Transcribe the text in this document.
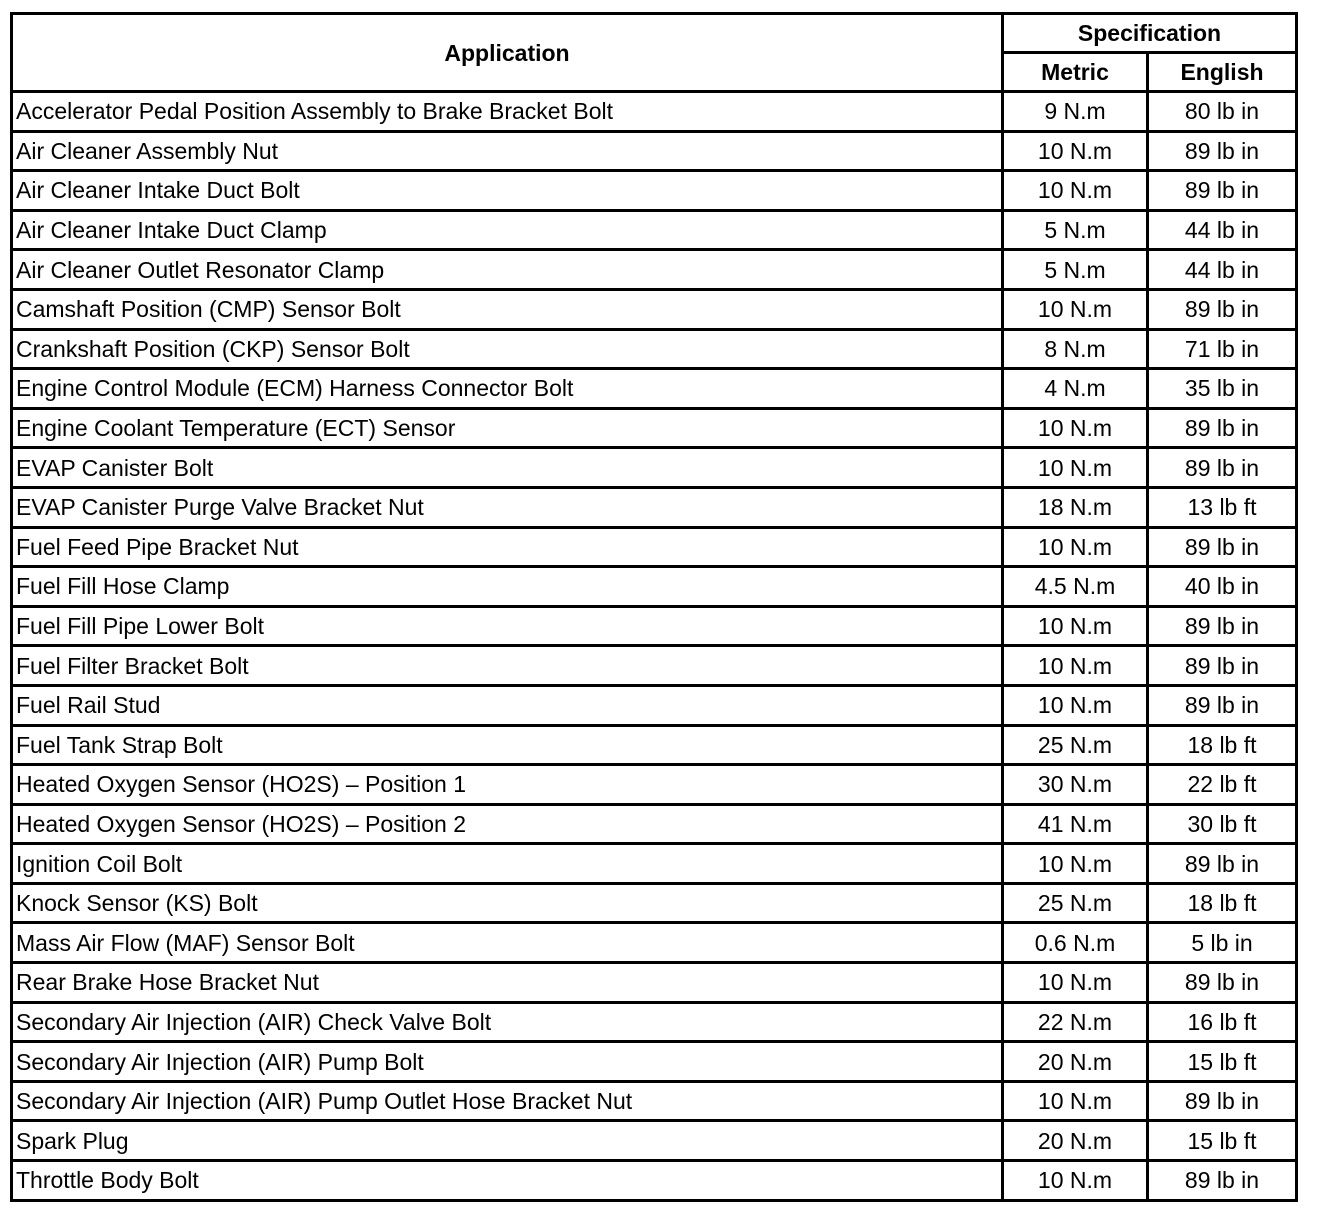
Application	Specification	
	Metric	English
Accelerator Pedal Position Assembly to Brake Bracket Bolt	9 N.m	80 lb in
Air Cleaner Assembly Nut	10 N.m	89 lb in
Air Cleaner Intake Duct Bolt	10 N.m	89 lb in
Air Cleaner Intake Duct Clamp	5 N.m	44 lb in
Air Cleaner Outlet Resonator Clamp	5 N.m	44 lb in
Camshaft Position (CMP) Sensor Bolt	10 N.m	89 lb in
Crankshaft Position (CKP) Sensor Bolt	8 N.m	71 lb in
Engine Control Module (ECM) Harness Connector Bolt	4 N.m	35 lb in
Engine Coolant Temperature (ECT) Sensor	10 N.m	89 lb in
EVAP Canister Bolt	10 N.m	89 lb in
EVAP Canister Purge Valve Bracket Nut	18 N.m	13 lb ft
Fuel Feed Pipe Bracket Nut	10 N.m	89 lb in
Fuel Fill Hose Clamp	4.5 N.m	40 lb in
Fuel Fill Pipe Lower Bolt	10 N.m	89 lb in
Fuel Filter Bracket Bolt	10 N.m	89 lb in
Fuel Rail Stud	10 N.m	89 lb in
Fuel Tank Strap Bolt	25 N.m	18 lb ft
Heated Oxygen Sensor (HO2S) – Position 1	30 N.m	22 lb ft
Heated Oxygen Sensor (HO2S) – Position 2	41 N.m	30 lb ft
Ignition Coil Bolt	10 N.m	89 lb in
Knock Sensor (KS) Bolt	25 N.m	18 lb ft
Mass Air Flow (MAF) Sensor Bolt	0.6 N.m	5 lb in
Rear Brake Hose Bracket Nut	10 N.m	89 lb in
Secondary Air Injection (AIR) Check Valve Bolt	22 N.m	16 lb ft
Secondary Air Injection (AIR) Pump Bolt	20 N.m	15 lb ft
Secondary Air Injection (AIR) Pump Outlet Hose Bracket Nut	10 N.m	89 lb in
Spark Plug	20 N.m	15 lb ft
Throttle Body Bolt	10 N.m	89 lb in
